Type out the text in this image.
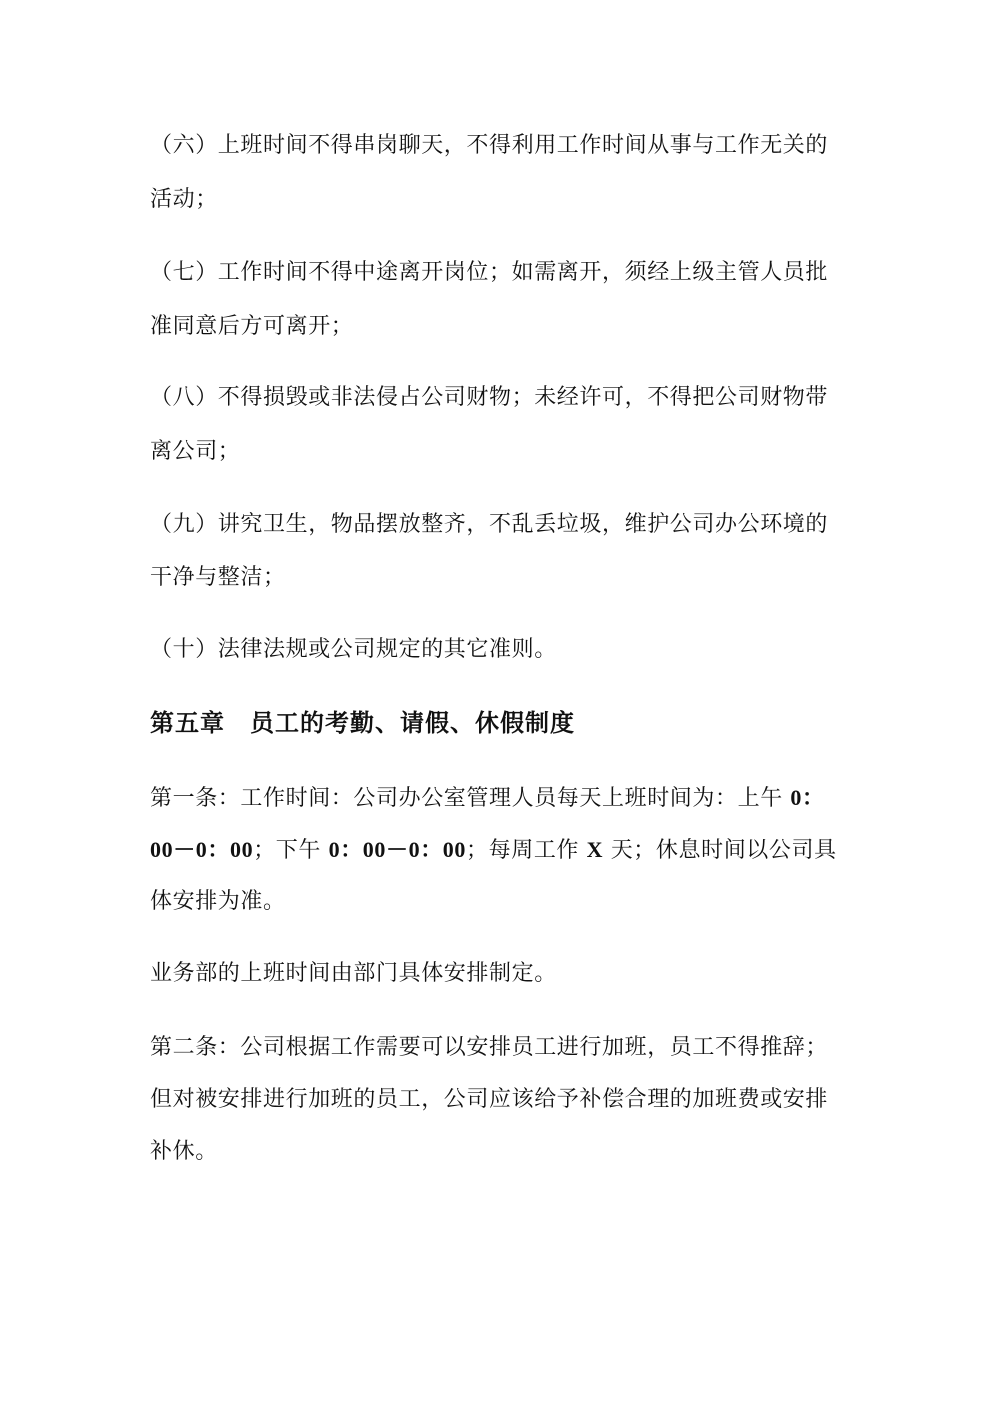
（六）上班时间不得串岗聊天，不得利用工作时间从事与工作无关的
活动；
（七）工作时间不得中途离开岗位；如需离开，须经上级主管人员批
准同意后方可离开；
（八）不得损毁或非法侵占公司财物；未经许可，不得把公司财物带
离公司；
（九）讲究卫生，物品摆放整齐，不乱丢垃圾，维护公司办公环境的
干净与整洁；
（十）法律法规或公司规定的其它准则。
第五章　员工的考勤、请假、休假制度
第一条：工作时间：公司办公室管理人员每天上班时间为：上午 0：
00－0：00；下午 0：00－0：00；每周工作 X 天；休息时间以公司具
体安排为准。
业务部的上班时间由部门具体安排制定。
第二条：公司根据工作需要可以安排员工进行加班，员工不得推辞；
但对被安排进行加班的员工，公司应该给予补偿合理的加班费或安排
补休。
